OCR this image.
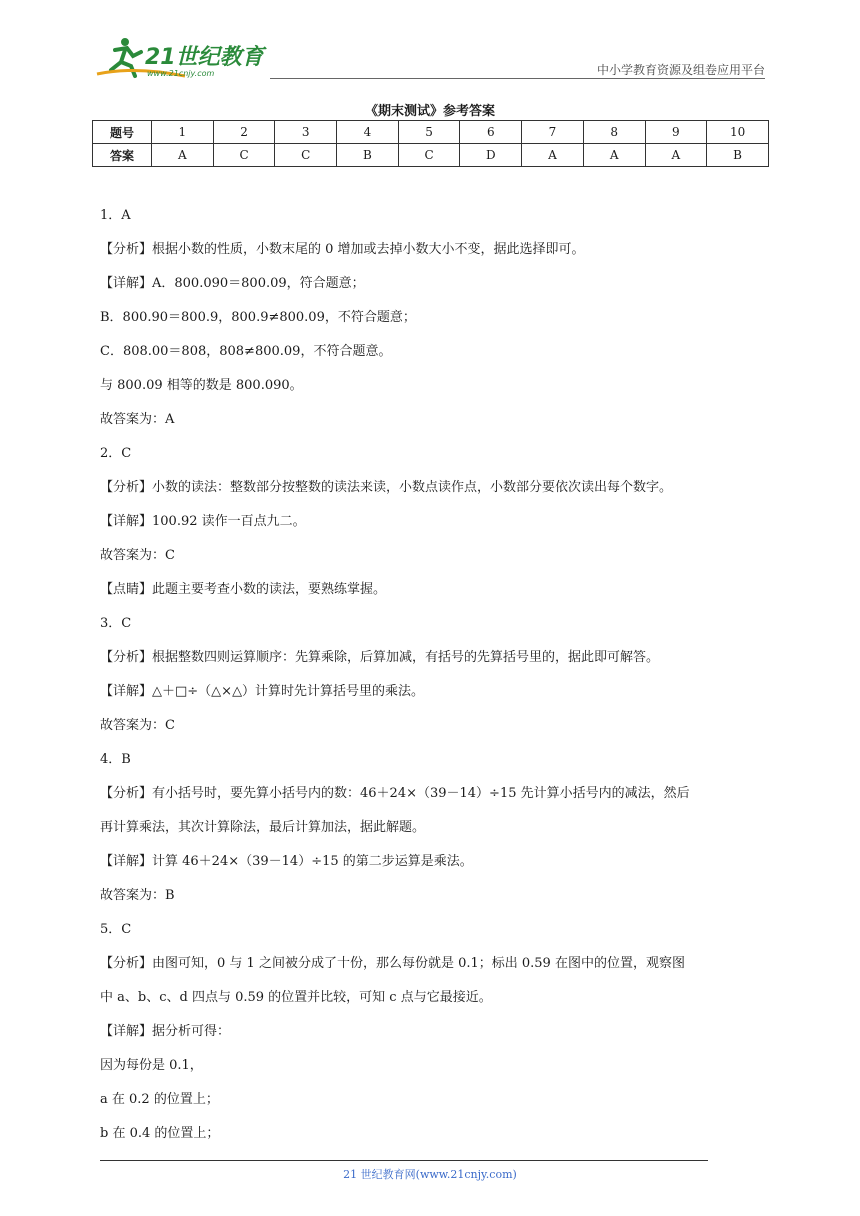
21世纪教育
www.21cnjy.com	中小学教育资源及组卷应用平台
《期末测试》参考答案
题号	1	2	3	4	5	6	7	8	9	10
答案	A	C	C	B	C	D	A	A	A	B
1．A
【分析】根据小数的性质，小数末尾的 0 增加或去掉小数大小不变，据此选择即可。
【详解】A．800.090＝800.09，符合题意；
B．800.90＝800.9，800.9≠800.09，不符合题意；
C．808.00＝808，808≠800.09，不符合题意。
与 800.09 相等的数是 800.090。
故答案为：A
2．C
【分析】小数的读法：整数部分按整数的读法来读，小数点读作点，小数部分要依次读出每个数字。
【详解】100.92 读作一百点九二。
故答案为：C
【点睛】此题主要考查小数的读法，要熟练掌握。
3．C
【分析】根据整数四则运算顺序：先算乘除，后算加减，有括号的先算括号里的，据此即可解答。
【详解】△＋□÷（△×△）计算时先计算括号里的乘法。
故答案为：C
4．B
【分析】有小括号时，要先算小括号内的数：46＋24×（39－14）÷15 先计算小括号内的减法，然后
再计算乘法，其次计算除法，最后计算加法，据此解题。
【详解】计算 46＋24×（39－14）÷15 的第二步运算是乘法。
故答案为：B
5．C
【分析】由图可知，0 与 1 之间被分成了十份，那么每份就是 0.1；标出 0.59 在图中的位置，观察图
中 a、b、c、d 四点与 0.59 的位置并比较，可知 c 点与它最接近。
【详解】据分析可得：
因为每份是 0.1，
a 在 0.2 的位置上；
b 在 0.4 的位置上；
21 世纪教育网(www.21cnjy.com)
